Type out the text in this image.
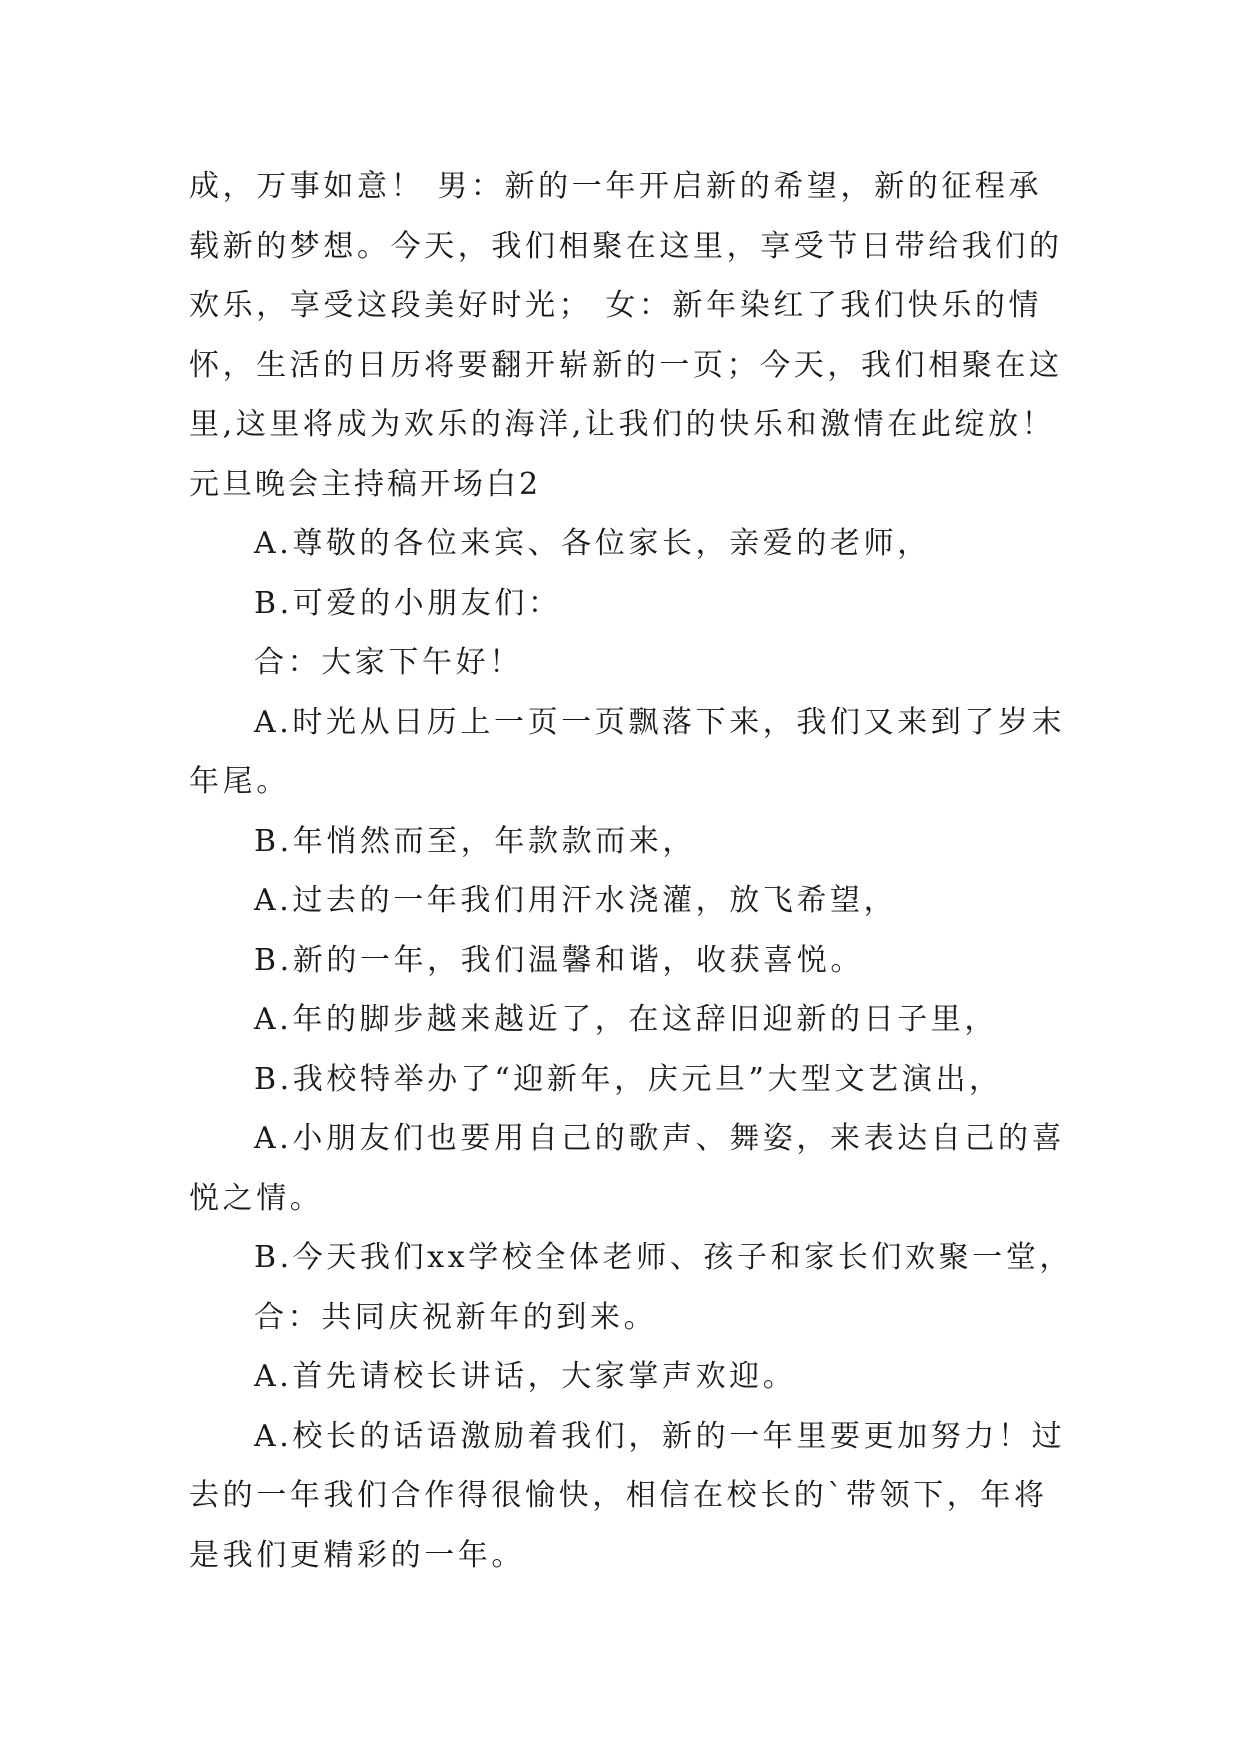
成，万事如意！ 男：新的一年开启新的希望，新的征程承
载新的梦想。今天，我们相聚在这里，享受节日带给我们的
欢乐，享受这段美好时光； 女：新年染红了我们快乐的情
怀，生活的日历将要翻开崭新的一页；今天，我们相聚在这
里,这里将成为欢乐的海洋,让我们的快乐和激情在此绽放！
元旦晚会主持稿开场白2
A.尊敬的各位来宾、各位家长，亲爱的老师，
B.可爱的小朋友们：
合：大家下午好！
A.时光从日历上一页一页飘落下来，我们又来到了岁末
年尾。
B.年悄然而至，年款款而来，
A.过去的一年我们用汗水浇灌，放飞希望，
B.新的一年，我们温馨和谐，收获喜悦。
A.年的脚步越来越近了，在这辞旧迎新的日子里，
B.我校特举办了“迎新年，庆元旦”大型文艺演出，
A.小朋友们也要用自己的歌声、舞姿，来表达自己的喜
悦之情。
B.今天我们xx学校全体老师、孩子和家长们欢聚一堂，
合：共同庆祝新年的到来。
A.首先请校长讲话，大家掌声欢迎。
A.校长的话语激励着我们，新的一年里要更加努力！过
去的一年我们合作得很愉快，相信在校长的`带领下，年将
是我们更精彩的一年。
